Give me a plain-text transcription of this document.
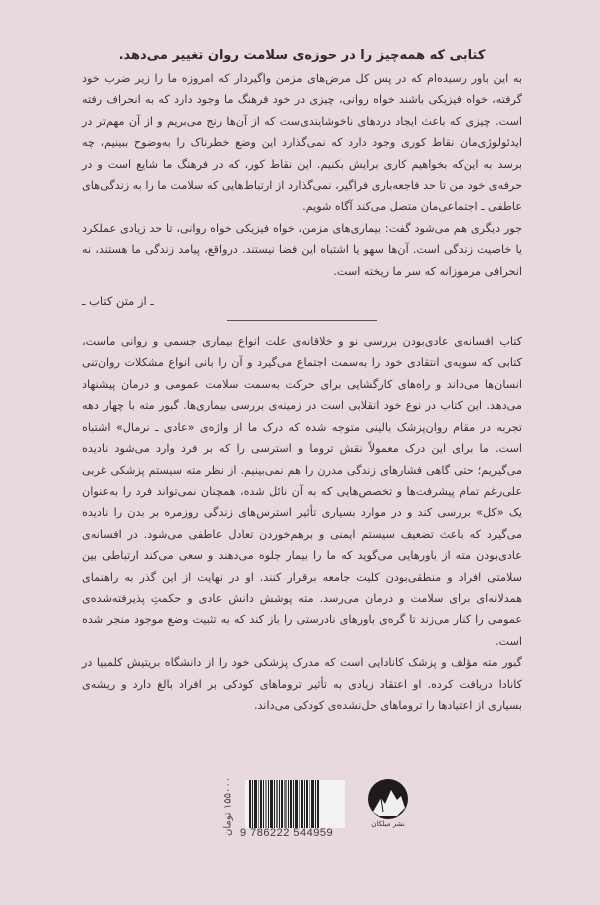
کتابی که همه‌چیز را در حوزه‌ی سلامت روان تغییر می‌دهد.

به این باور رسیده‌ام که در پس کل مرض‌های مزمن واگیردار که امروزه ما را زیر ضرب خود گرفته، خواه فیزیکی باشند خواه روانی، چیزی در خود فرهنگ ما وجود دارد که به انحراف رفته است. چیزی که باعث ایجاد دردهای ناخوشایندی‌ست که از آن‌ها رنج می‌بریم و از آن مهم‌تر در ایدئولوژی‌مان نقاط کوری وجود دارد که نمی‌گذارد این وضع خطرناک را به‌وضوح ببینیم، چه برسد به این‌که بخواهیم کاری برایش بکنیم. این نقاط کور، که در فرهنگ ما شایع است و در حرفه‌ی خود من تا حد فاجعه‌باری فراگیر، نمی‌گذارد از ارتباط‌هایی که سلامت ما را به زندگی‌های عاطفی ـ اجتماعی‌مان متصل می‌کند آگاه شویم.

جور دیگری هم می‌شود گفت: بیماری‌های مزمن، خواه فیزیکی خواه روانی، تا حد زیادی عملکرد یا خاصیت زندگی است. آن‌ها سهو یا اشتباه این فضا نیستند. درواقع، پیامد زندگی ما هستند، نه انحرافی مرموزانه که سر ما ریخته است.

ـ از متن کتاب ـ

کتاب افسانه‌ی عادی‌بودن بررسی نو و خلاقانه‌ی علت انواع بیماری جسمی و روانی ماست، کتابی که سویه‌ی انتقادی خود را به‌سمت اجتماع می‌گیرد و آن را بانی انواع مشکلات روان‌تنی انسان‌ها می‌داند و راه‌های کارگشایی برای حرکت به‌سمت سلامت عمومی و درمان پیشنهاد می‌دهد. این کتاب در نوع خود انقلابی است در زمینه‌ی بررسی بیماری‌ها. گبور مته با چهار دهه تجربه در مقام روان‌پزشک بالینی متوجه شده که درک ما از واژه‌ی «عادی ـ نرمال» اشتباه است. ما برای این درک معمولاً نقش تروما و استرسی را که بر فرد وارد می‌شود نادیده می‌گیریم؛ حتی گاهی فشارهای زندگی مدرن را هم نمی‌بینیم. از نظر مته سیستم پزشکی غربی علی‌رغم تمام پیشرفت‌ها و تخصص‌هایی که به آن نائل شده، همچنان نمی‌تواند فرد را به‌عنوان یک «کل» بررسی کند و در موارد بسیاری تأثیر استرس‌های زندگی روزمره بر بدن را نادیده می‌گیرد که باعث تضعیف سیستم ایمنی و برهم‌خوردن تعادل عاطفی می‌شود. در افسانه‌ی عادی‌بودن مته از باورهایی می‌گوید که ما را بیمار جلوه می‌دهند و سعی می‌کند ارتباطی بین سلامتی افراد و منطقی‌بودن کلیت جامعه برقرار کنند. او در نهایت از این گذر به راهنمای همدلانه‌ای برای سلامت و درمان می‌رسد. مته پوشش دانش عادی و حکمتِ پذیرفته‌شده‌ی عمومی را کنار می‌زند تا گره‌ی باورهای نادرستی را باز کند که به تثبیت وضع موجود منجر شده است.

گبور مته مؤلف و پزشک کانادایی است که مدرک پزشکی خود را از دانشگاه بریتیش کلمبیا در کانادا دریافت کرده. او اعتقاد زیادی به تأثیر تروماهای کودکی بر افراد بالغ دارد و ریشه‌ی بسیاری از اعتیادها را تروماهای حل‌نشده‌ی کودکی می‌داند.

۱۵۵۰۰۰ تومان
9 786222 544959
نشر میلکان
